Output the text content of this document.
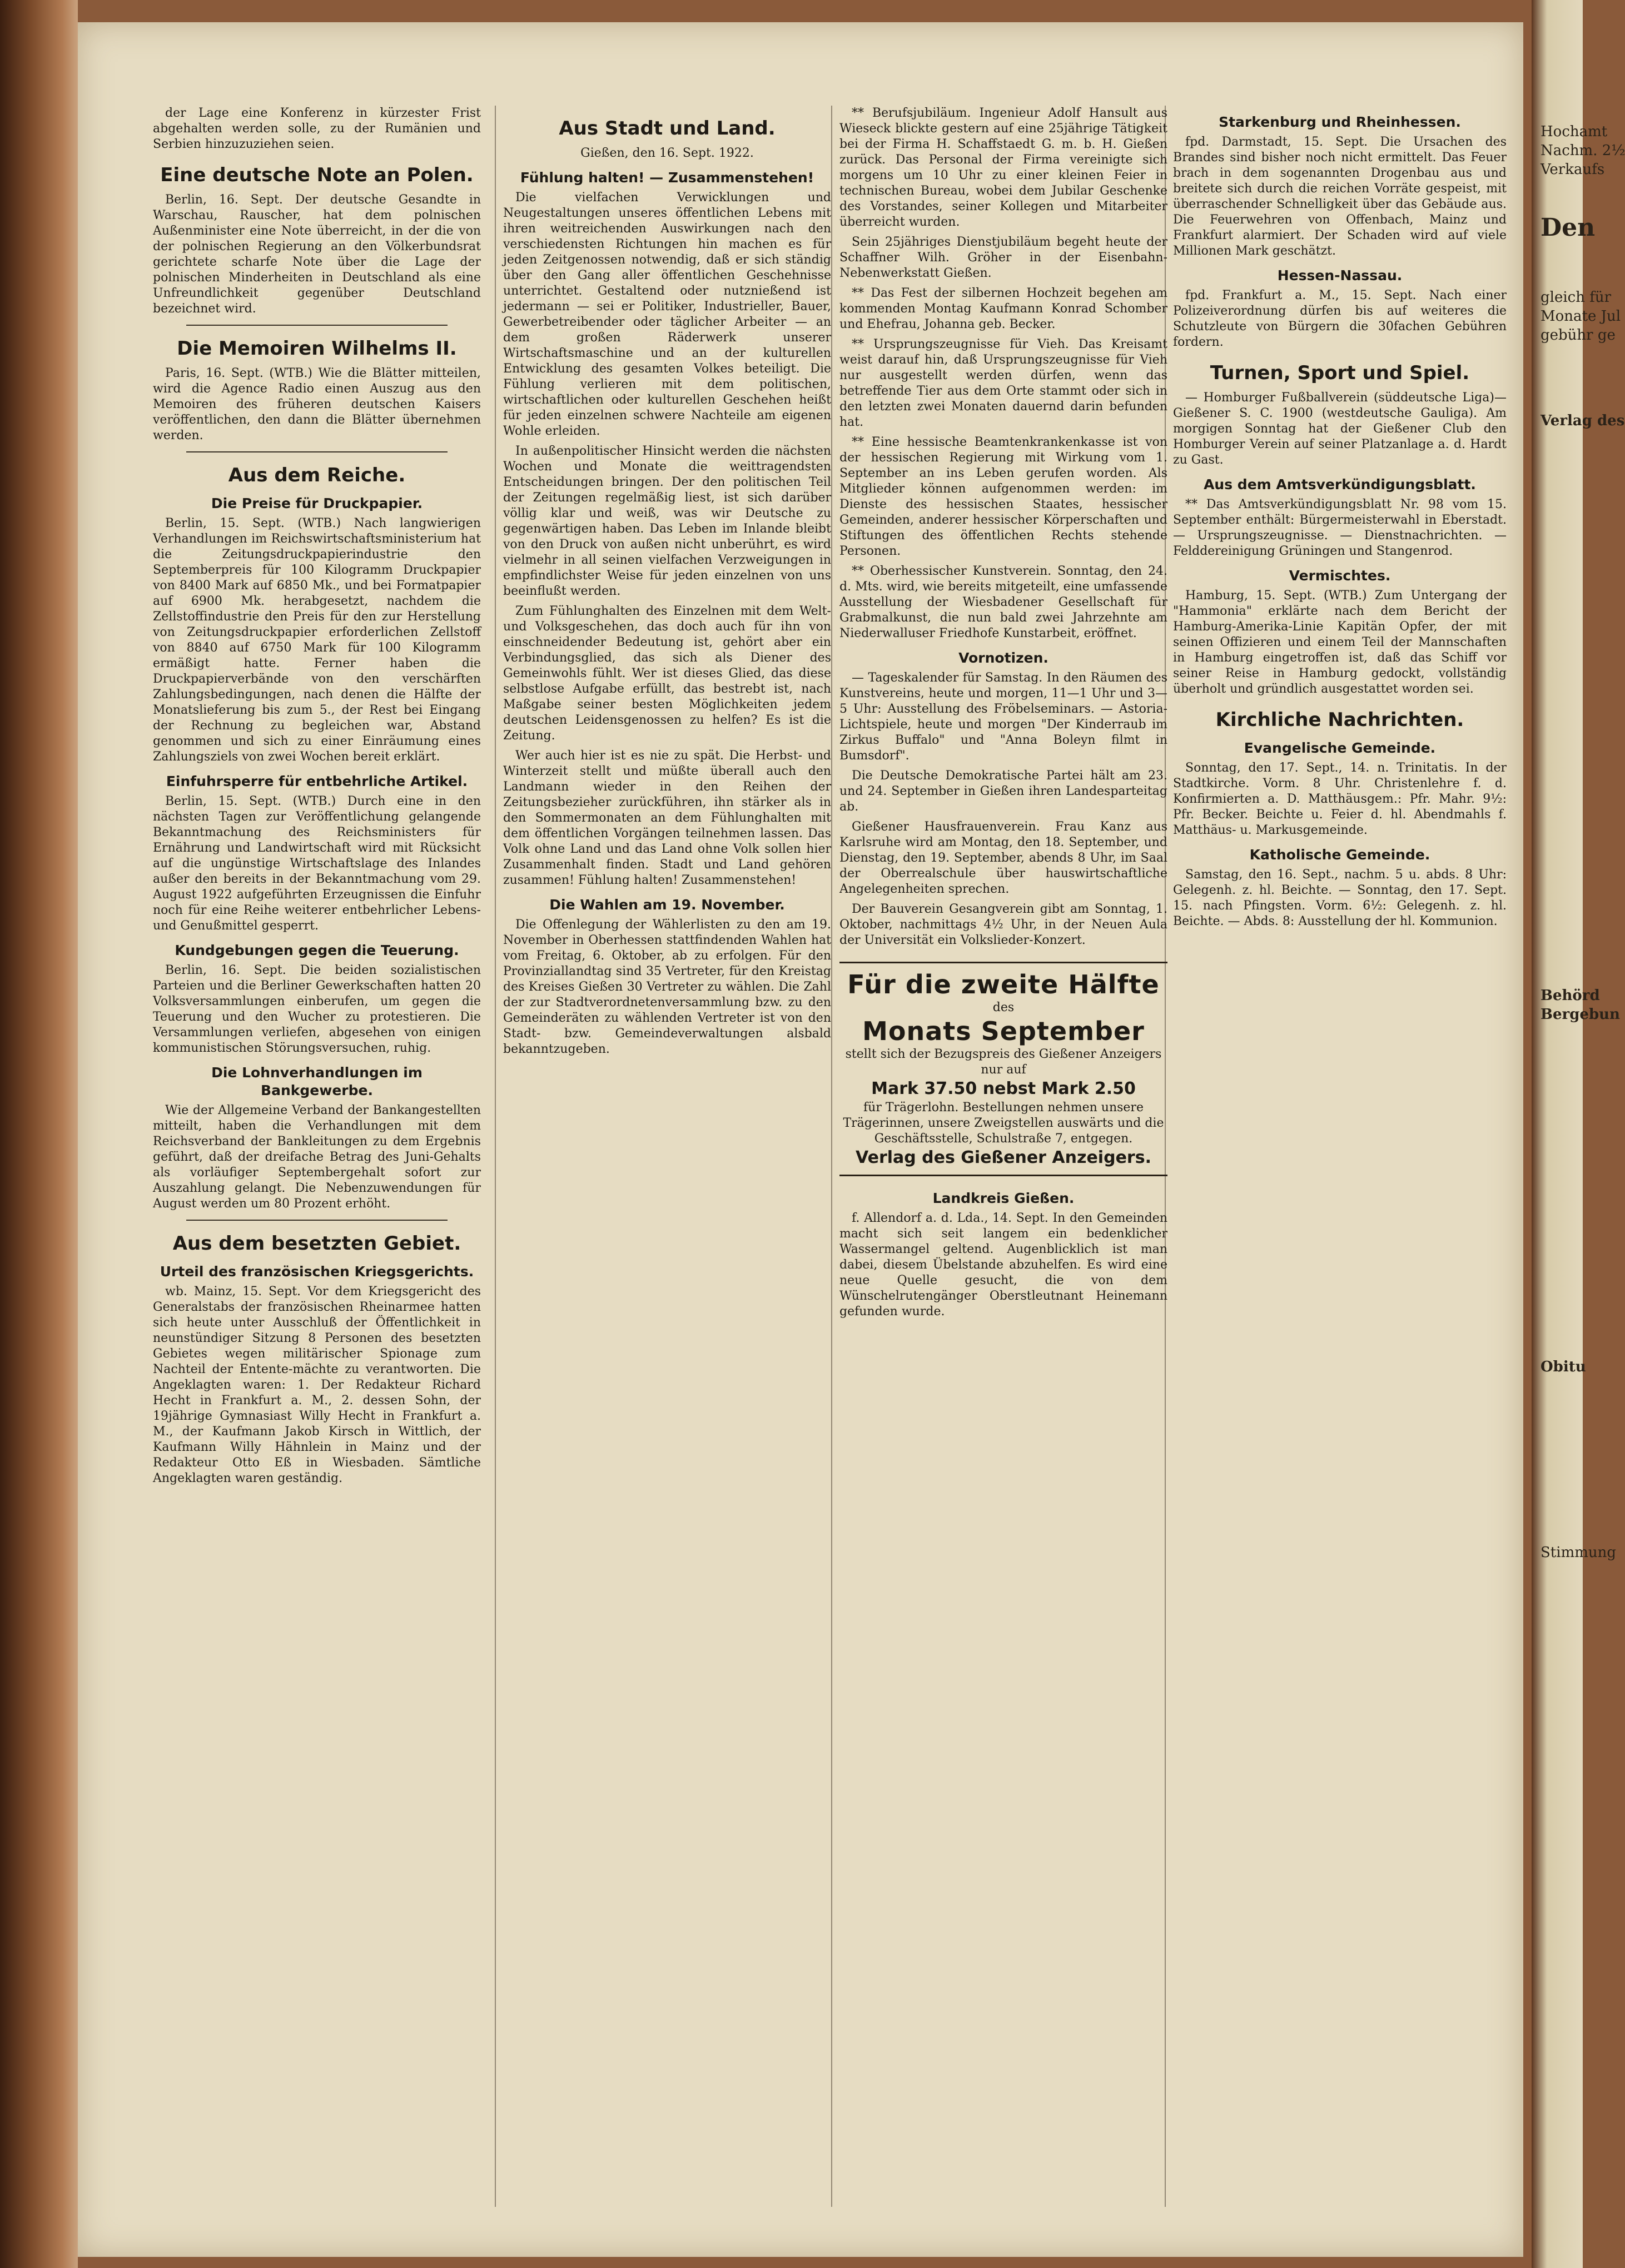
der Lage eine Konferenz in kürzester Frist abgehalten werden solle, zu der Rumänien und Serbien hinzuzuziehen seien.

Eine deutsche Note an Polen.

Berlin, 16. Sept. Der deutsche Gesandte in Warschau, Rauscher, hat dem polnischen Außenminister eine Note überreicht, in der die von der polnischen Regierung an den Völkerbundsrat gerichtete scharfe Note über die Lage der polnischen Minderheiten in Deutschland als eine Unfreundlichkeit gegenüber Deutschland bezeichnet wird.

Die Memoiren Wilhelms II.

Paris, 16. Sept. (WTB.) Wie die Blätter mitteilen, wird die Agence Radio einen Auszug aus den Memoiren des früheren deutschen Kaisers veröffentlichen, den dann die Blätter übernehmen werden.

Aus dem Reiche.
Die Preise für Druckpapier.

Berlin, 15. Sept. (WTB.) Nach langwierigen Verhandlungen im Reichswirtschaftsministerium hat die Zeitungsdruckpapierindustrie den Septemberpreis für 100 Kilogramm Druckpapier von 8400 Mark auf 6850 Mk., und bei Formatpapier auf 6900 Mk. herabgesetzt, nachdem die Zellstoffindustrie den Preis für den zur Herstellung von Zeitungsdruckpapier erforderlichen Zellstoff von 8840 auf 6750 Mark für 100 Kilogramm ermäßigt hatte. Ferner haben die Druckpapierverbände von den verschärften Zahlungsbedingungen, nach denen die Hälfte der Monatslieferung bis zum 5., der Rest bei Eingang der Rechnung zu begleichen war, Abstand genommen und sich zu einer Einräumung eines Zahlungsziels von zwei Wochen bereit erklärt.

Einfuhrsperre für entbehrliche Artikel.

Berlin, 15. Sept. (WTB.) Durch eine in den nächsten Tagen zur Veröffentlichung gelangende Bekanntmachung des Reichsministers für Ernährung und Landwirtschaft wird mit Rücksicht auf die ungünstige Wirtschaftslage des Inlandes außer den bereits in der Bekanntmachung vom 29. August 1922 aufgeführten Erzeugnissen die Einfuhr noch für eine Reihe weiterer entbehrlicher Lebens- und Genußmittel gesperrt.

Kundgebungen gegen die Teuerung.

Berlin, 16. Sept. Die beiden sozialistischen Parteien und die Berliner Gewerkschaften hatten 20 Volksversammlungen einberufen, um gegen die Teuerung und den Wucher zu protestieren. Die Versammlungen verliefen, abgesehen von einigen kommunistischen Störungsversuchen, ruhig.

Die Lohnverhandlungen im Bankgewerbe.

Wie der Allgemeine Verband der Bankangestellten mitteilt, haben die Verhandlungen mit dem Reichsverband der Bankleitungen zu dem Ergebnis geführt, daß der dreifache Betrag des Juni-Gehalts als vorläufiger Septembergehalt sofort zur Auszahlung gelangt. Die Nebenzuwendungen für August werden um 80 Prozent erhöht.

Aus dem besetzten Gebiet.
Urteil des französischen Kriegsgerichts.

wb. Mainz, 15. Sept. Vor dem Kriegsgericht des Generalstabs der französischen Rheinarmee hatten sich heute unter Ausschluß der Öffentlichkeit in neunstündiger Sitzung 8 Personen des besetzten Gebietes wegen militärischer Spionage zum Nachteil der Entente-mächte zu verantworten. Die Angeklagten waren: 1. Der Redakteur Richard Hecht in Frankfurt a. M., 2. dessen Sohn, der 19jährige Gymnasiast Willy Hecht in Frankfurt a. M., der Kaufmann Jakob Kirsch in Wittlich, der Kaufmann Willy Hähnlein in Mainz und der Redakteur Otto Eß in Wiesbaden. Sämtliche Angeklagten waren geständig.

Aus Stadt und Land.
Gießen, den 16. Sept. 1922.
Fühlung halten! — Zusammenstehen!

Die vielfachen Verwicklungen und Neugestaltungen unseres öffentlichen Lebens mit ihren weitreichenden Auswirkungen nach den verschiedensten Richtungen hin machen es für jeden Zeitgenossen notwendig, daß er sich ständig über den Gang aller öffentlichen Geschehnisse unterrichtet. Gestaltend oder nutznießend ist jedermann — sei er Politiker, Industrieller, Bauer, Gewerbetreibender oder täglicher Arbeiter — an dem großen Räderwerk unserer Wirtschaftsmaschine und an der kulturellen Entwicklung des gesamten Volkes beteiligt. Die Fühlung verlieren mit dem politischen, wirtschaftlichen oder kulturellen Geschehen heißt für jeden einzelnen schwere Nachteile am eigenen Wohle erleiden.

In außenpolitischer Hinsicht werden die nächsten Wochen und Monate die weittragendsten Entscheidungen bringen. Der den politischen Teil der Zeitungen regelmäßig liest, ist sich darüber völlig klar und weiß, was wir Deutsche zu gegenwärtigen haben. Das Leben im Inlande bleibt von den Druck von außen nicht unberührt, es wird vielmehr in all seinen vielfachen Verzweigungen in empfindlichster Weise für jeden einzelnen von uns beeinflußt werden.

Zum Fühlunghalten des Einzelnen mit dem Welt- und Volksgeschehen, das doch auch für ihn von einschneidender Bedeutung ist, gehört aber ein Verbindungsglied, das sich als Diener des Gemeinwohls fühlt. Wer ist dieses Glied, das diese selbstlose Aufgabe erfüllt, das bestrebt ist, nach Maßgabe seiner besten Möglichkeiten jedem deutschen Leidensgenossen zu helfen? Es ist die Zeitung.

Wer auch hier ist es nie zu spät. Die Herbst- und Winterzeit stellt und müßte überall auch den Landmann wieder in den Reihen der Zeitungsbezieher zurückführen, ihn stärker als in den Sommermonaten an dem Fühlunghalten mit dem öffentlichen Vorgängen teilnehmen lassen. Das Volk ohne Land und das Land ohne Volk sollen hier Zusammenhalt finden. Stadt und Land gehören zusammen! Fühlung halten! Zusammenstehen!

Die Wahlen am 19. November.

Die Offenlegung der Wählerlisten zu den am 19. November in Oberhessen stattfindenden Wahlen hat vom Freitag, 6. Oktober, ab zu erfolgen. Für den Provinziallandtag sind 35 Vertreter, für den Kreistag des Kreises Gießen 30 Vertreter zu wählen. Die Zahl der zur Stadtverordnetenversammlung bzw. zu den Gemeinderäten zu wählenden Vertreter ist von den Stadt- bzw. Gemeindeverwaltungen alsbald bekanntzugeben.

** Berufsjubiläum. Ingenieur Adolf Hansult aus Wieseck blickte gestern auf eine 25jährige Tätigkeit bei der Firma H. Schaffstaedt G. m. b. H. Gießen zurück. Das Personal der Firma vereinigte sich morgens um 10 Uhr zu einer kleinen Feier in technischen Bureau, wobei dem Jubilar Geschenke des Vorstandes, seiner Kollegen und Mitarbeiter überreicht wurden.

Sein 25jähriges Dienstjubiläum begeht heute der Schaffner Wilh. Gröher in der Eisenbahn-Nebenwerkstatt Gießen.

** Das Fest der silbernen Hochzeit begehen am kommenden Montag Kaufmann Konrad Schomber und Ehefrau, Johanna geb. Becker.

** Ursprungszeugnisse für Vieh. Das Kreisamt weist darauf hin, daß Ursprungszeugnisse für Vieh nur ausgestellt werden dürfen, wenn das betreffende Tier aus dem Orte stammt oder sich in den letzten zwei Monaten dauernd darin befunden hat.

** Eine hessische Beamtenkrankenkasse ist von der hessischen Regierung mit Wirkung vom 1. September an ins Leben gerufen worden. Als Mitglieder können aufgenommen werden: im Dienste des hessischen Staates, hessischer Gemeinden, anderer hessischer Körperschaften und Stiftungen des öffentlichen Rechts stehende Personen.

** Oberhessischer Kunstverein. Sonntag, den 24. d. Mts. wird, wie bereits mitgeteilt, eine umfassende Ausstellung der Wiesbadener Gesellschaft für Grabmalkunst, die nun bald zwei Jahrzehnte am Niederwalluser Friedhofe Kunstarbeit, eröffnet.

Vornotizen.

— Tageskalender für Samstag. In den Räumen des Kunstvereins, heute und morgen, 11—1 Uhr und 3—5 Uhr: Ausstellung des Fröbelseminars. — Astoria-Lichtspiele, heute und morgen "Der Kinderraub im Zirkus Buffalo" und "Anna Boleyn filmt in Bumsdorf".

Die Deutsche Demokratische Partei hält am 23. und 24. September in Gießen ihren Landesparteitag ab.

Gießener Hausfrauenverein. Frau Kanz aus Karlsruhe wird am Montag, den 18. September, und Dienstag, den 19. September, abends 8 Uhr, im Saal der Oberrealschule über hauswirtschaftliche Angelegenheiten sprechen.

Der Bauverein Gesangverein gibt am Sonntag, 1. Oktober, nachmittags 4½ Uhr, in der Neuen Aula der Universität ein Volkslieder-Konzert.

Für die zweite Hälfte
des
Monats September
stellt sich der Bezugspreis des Gießener Anzeigers nur auf
Mark 37.50 nebst Mark 2.50
für Trägerlohn. Bestellungen nehmen unsere Trägerinnen, unsere Zweigstellen auswärts und die Geschäftsstelle, Schulstraße 7, entgegen.
Verlag des Gießener Anzeigers.
Landkreis Gießen.

f. Allendorf a. d. Lda., 14. Sept. In den Gemeinden macht sich seit langem ein bedenklicher Wassermangel geltend. Augenblicklich ist man dabei, diesem Übelstande abzuhelfen. Es wird eine neue Quelle gesucht, die von dem Wünschelrutengänger Oberstleutnant Heinemann gefunden wurde.

Starkenburg und Rheinhessen.

fpd. Darmstadt, 15. Sept. Die Ursachen des Brandes sind bisher noch nicht ermittelt. Das Feuer brach in dem sogenannten Drogenbau aus und breitete sich durch die reichen Vorräte gespeist, mit überraschender Schnelligkeit über das Gebäude aus. Die Feuerwehren von Offenbach, Mainz und Frankfurt alarmiert. Der Schaden wird auf viele Millionen Mark geschätzt.

Hessen-Nassau.

fpd. Frankfurt a. M., 15. Sept. Nach einer Polizeiverordnung dürfen bis auf weiteres die Schutzleute von Bürgern die 30fachen Gebühren fordern.

Turnen, Sport und Spiel.

— Homburger Fußballverein (süddeutsche Liga)—Gießener S. C. 1900 (westdeutsche Gauliga). Am morgigen Sonntag hat der Gießener Club den Homburger Verein auf seiner Platzanlage a. d. Hardt zu Gast.

Aus dem Amtsverkündigungsblatt.

** Das Amtsverkündigungsblatt Nr. 98 vom 15. September enthält: Bürgermeisterwahl in Eberstadt. — Ursprungszeugnisse. — Dienstnachrichten. — Felddereinigung Grüningen und Stangenrod.

Vermischtes.

Hamburg, 15. Sept. (WTB.) Zum Untergang der "Hammonia" erklärte nach dem Bericht der Hamburg-Amerika-Linie Kapitän Opfer, der mit seinen Offizieren und einem Teil der Mannschaften in Hamburg eingetroffen ist, daß das Schiff vor seiner Reise in Hamburg gedockt, vollständig überholt und gründlich ausgestattet worden sei.

Kirchliche Nachrichten.
Evangelische Gemeinde.

Sonntag, den 17. Sept., 14. n. Trinitatis. In der Stadtkirche. Vorm. 8 Uhr. Christenlehre f. d. Konfirmierten a. D. Matthäusgem.: Pfr. Mahr. 9½: Pfr. Becker. Beichte u. Feier d. hl. Abendmahls f. Matthäus- u. Markusgemeinde.

Katholische Gemeinde.

Samstag, den 16. Sept., nachm. 5 u. abds. 8 Uhr: Gelegenh. z. hl. Beichte. — Sonntag, den 17. Sept. 15. nach Pfingsten. Vorm. 6½: Gelegenh. z. hl. Beichte. — Abds. 8: Ausstellung der hl. Kommunion.

Hochamt
Nachm. 2½
Verkaufs
Den
gleich für
Monate Jul
gebühr ge
Verlag des
Behörd
Bergebun
Obitu
Stimmung
